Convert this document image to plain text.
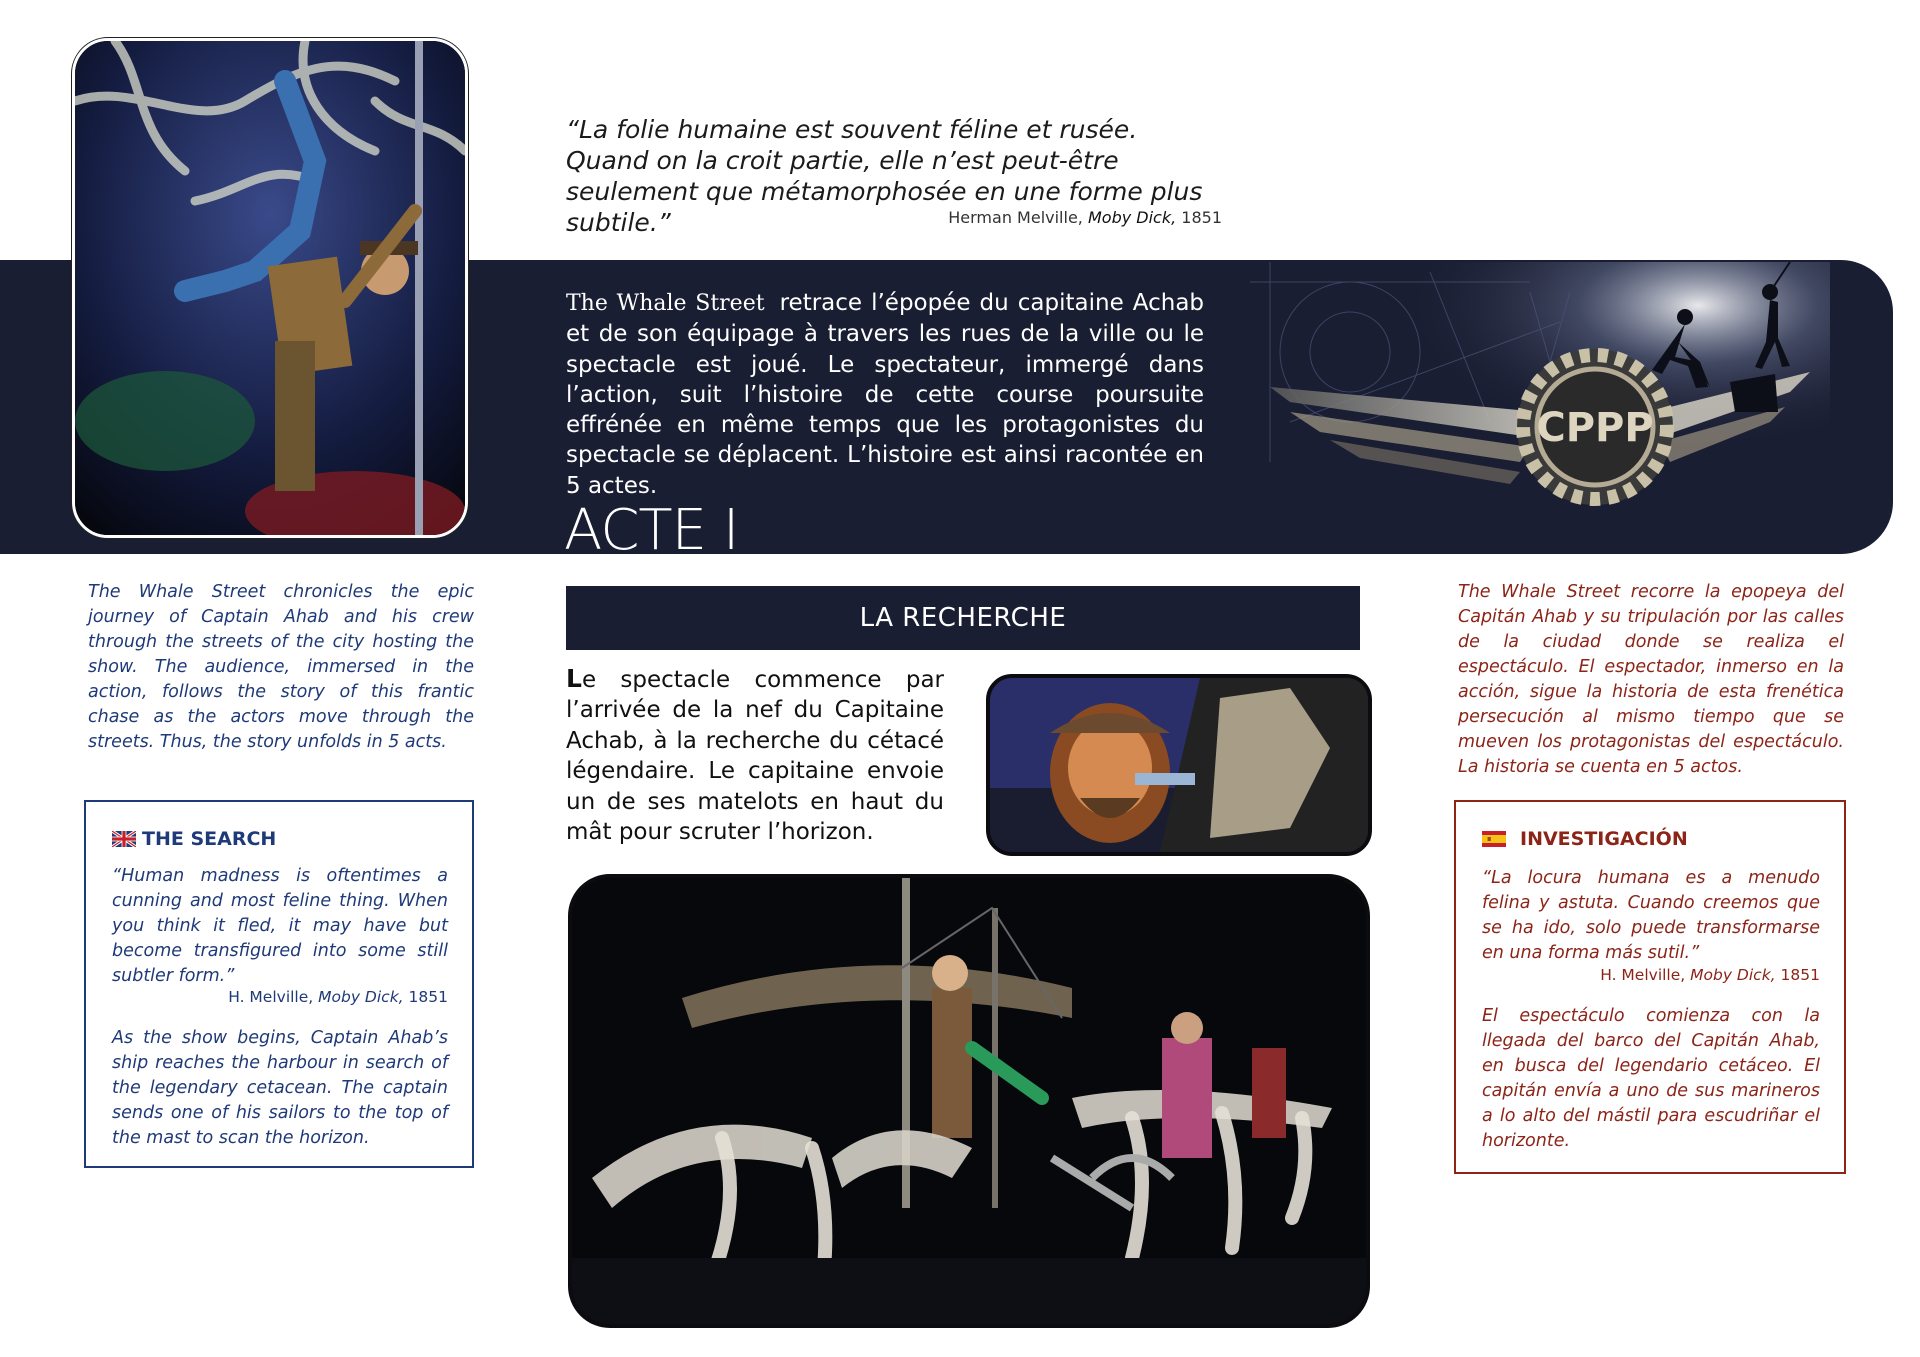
“La folie humaine est souvent féline et rusée. Quand on la croit partie, elle n’est peut-être seulement que métamorphosée en une forme plus subtile.”	Herman Melville, Moby Dick, 1851
The Whale Street retrace l’épopée du capitaine Achab et de son équipage à travers les rues de la ville ou le spectacle est joué. Le spectateur, immergé dans l’action, suit l’histoire de cette course poursuite effrénée en même temps que les protagonistes du spectacle se déplacent. L’histoire est ainsi racontée en 5 actes.
CPPP
ACTE I
LA RECHERCHE
Le spectacle commence par l’arrivée de la nef du Capitaine Achab, à la recherche du cétacé légendaire. Le capitaine envoie un de ses matelots en haut du mât pour scruter l’horizon.
The Whale Street chronicles the epic journey of Captain Ahab and his crew through the streets of the city hosting the show. The audience, immersed in the action, follows the story of this frantic chase as the actors move through the streets. Thus, the story unfolds in 5 acts.
THE SEARCH
“Human madness is oftentimes a cunning and most feline thing. When you think it fled, it may have but become transfigured into some still subtler form.”
H. Melville, Moby Dick, 1851
As the show begins, Captain Ahab’s ship reaches the harbour in search of the legendary cetacean. The captain sends one of his sailors to the top of the mast to scan the horizon.
The Whale Street recorre la epopeya del Capitán Ahab y su tripulación por las calles de la ciudad donde se realiza el espectáculo. El espectador, inmerso en la acción, sigue la historia de esta frenética persecución al mismo tiempo que se mueven los protagonistas del espectáculo. La historia se cuenta en 5 actos.
INVESTIGACIÓN
“La locura humana es a menudo felina y astuta. Cuando creemos que se ha ido, solo puede transformarse en una forma más sutil.”
H. Melville, Moby Dick, 1851
El espectáculo comienza con la llegada del barco del Capitán Ahab, en busca del legendario cetáceo. El capitán envía a uno de sus marineros a lo alto del mástil para escudriñar el horizonte.
